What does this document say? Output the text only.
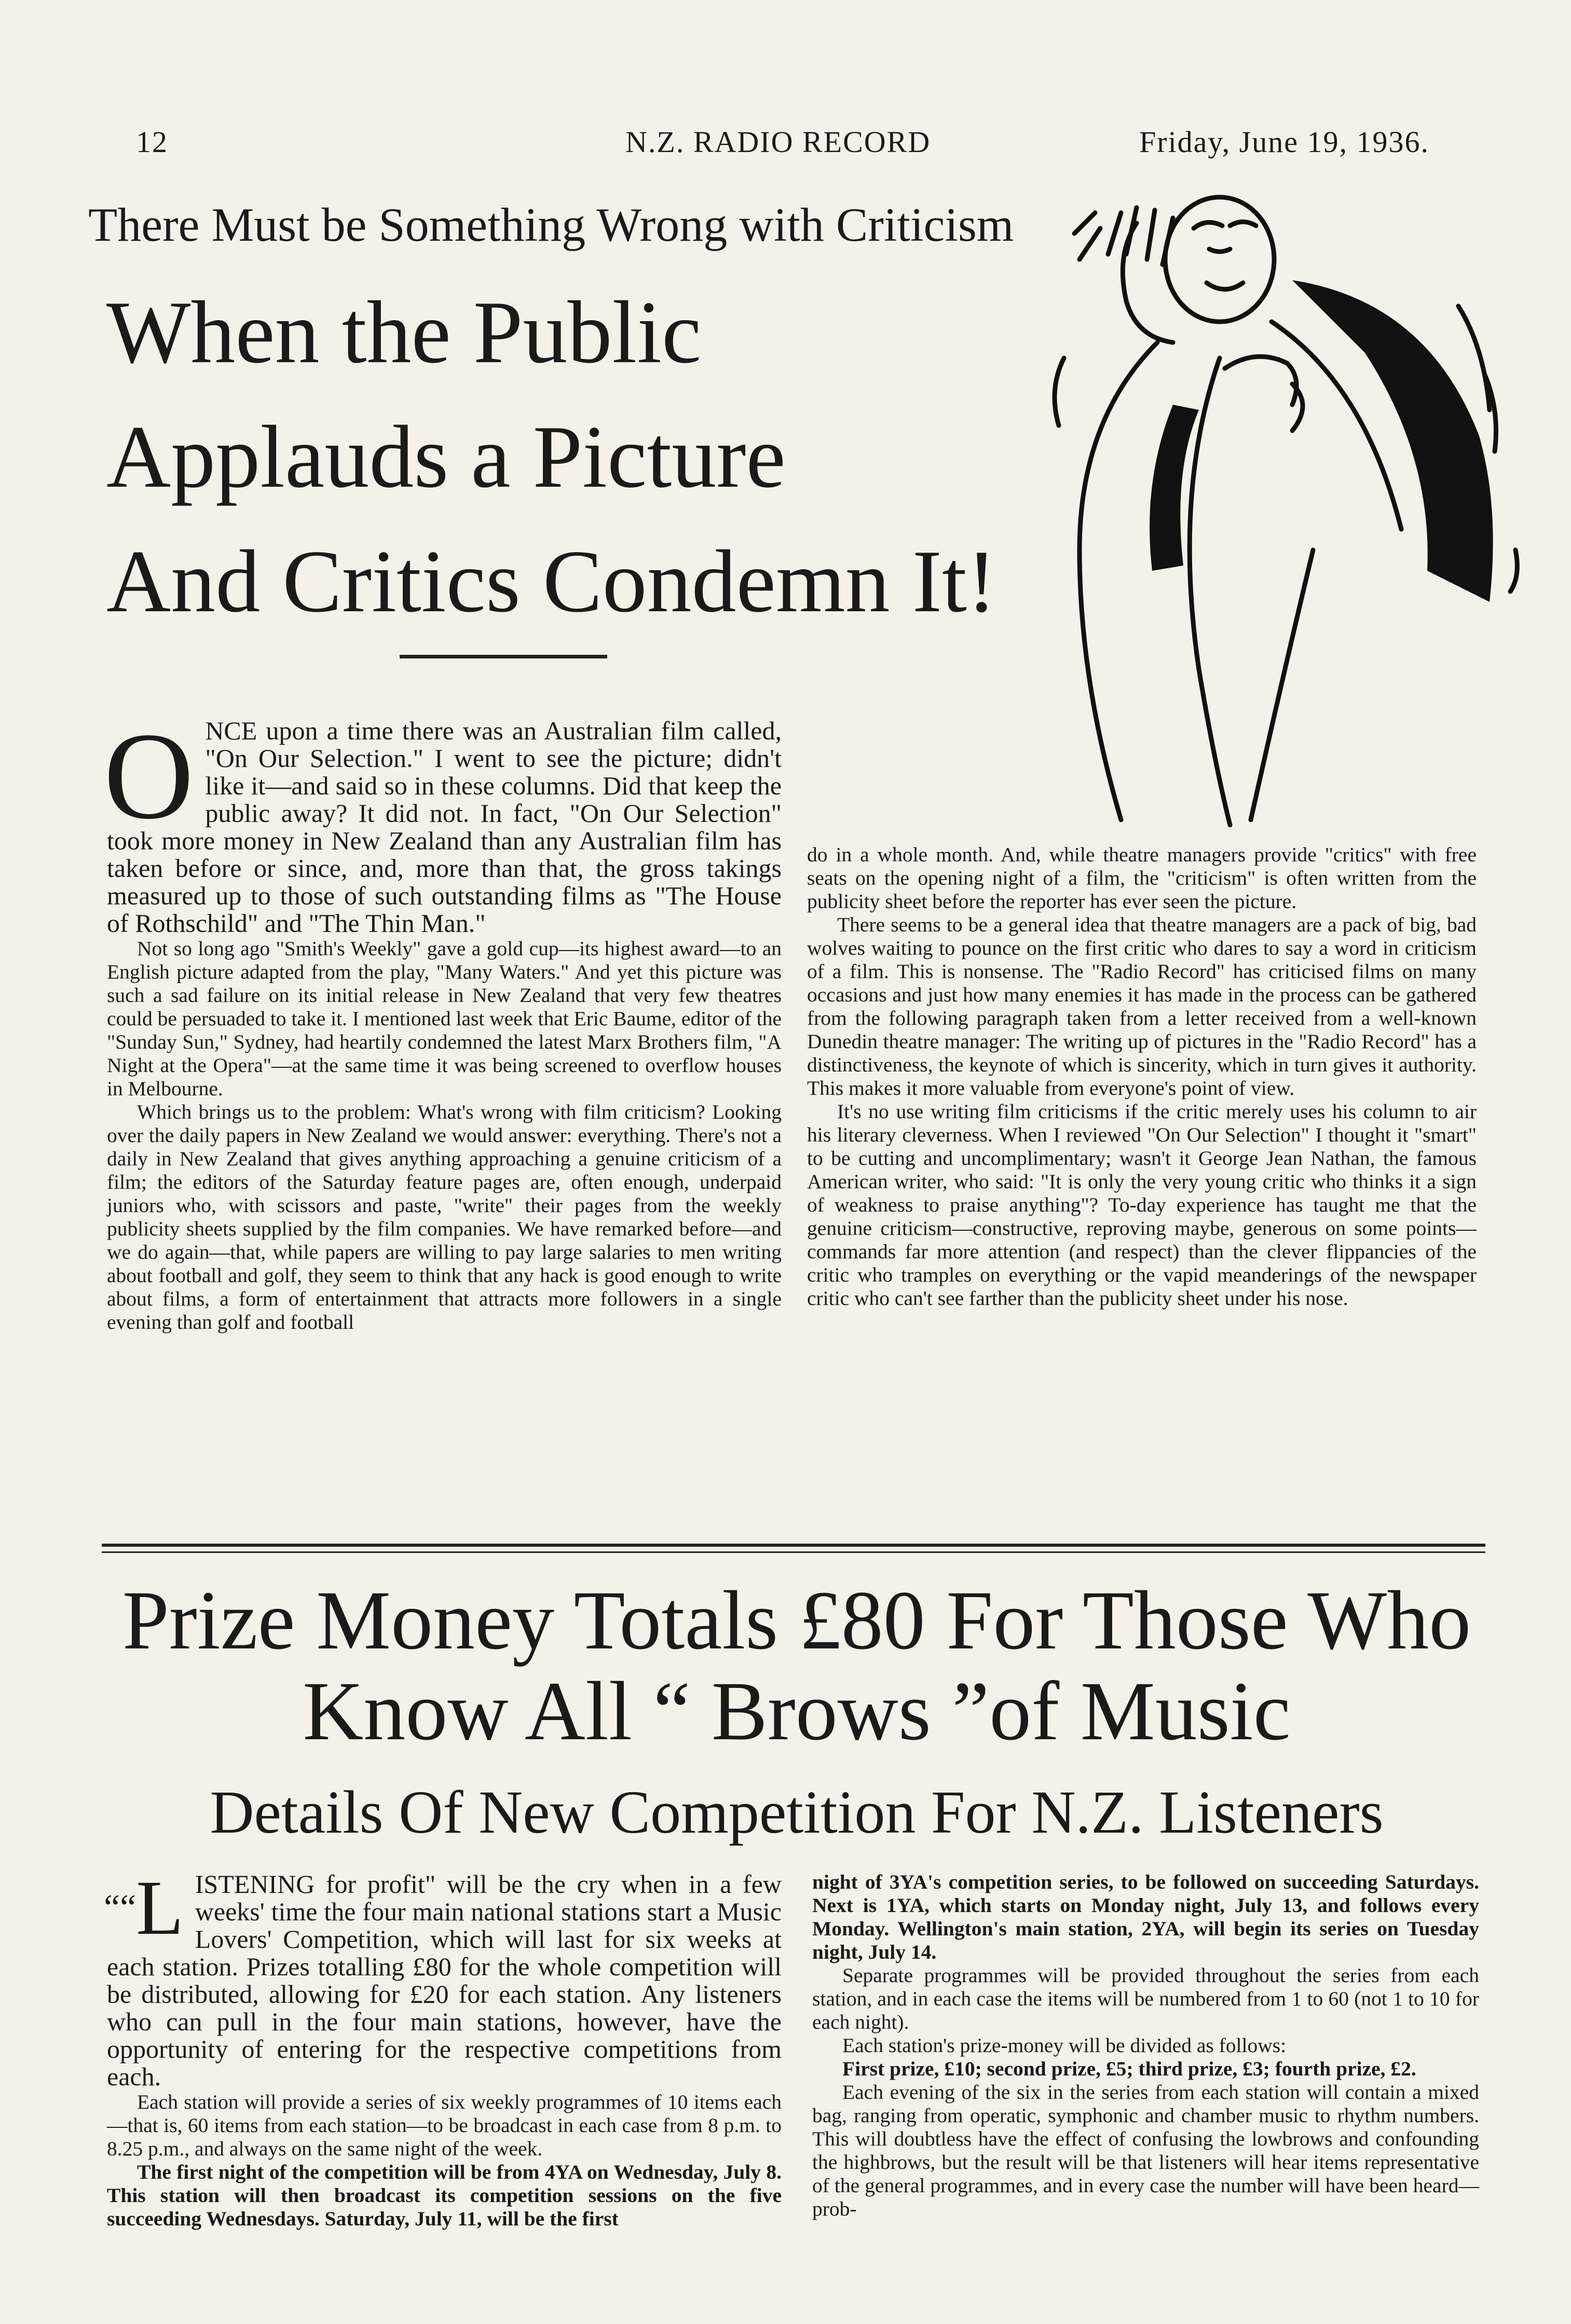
12	N.Z. RADIO RECORD	Friday, June 19, 1936.
There Must be Something Wrong with Criticism
When the Public
Applauds a Picture
And Critics Condemn It!
O NCE upon a time there was an Australian film called, "On Our Selection." I went to see the picture; didn't like it—and said so in these columns. Did that keep the public away? It did not. In fact, "On Our Selection" took more money in New Zealand than any Australian film has taken before or since, and, more than that, the gross takings measured up to those of such outstanding films as "The House of Rothschild" and "The Thin Man."

Not so long ago "Smith's Weekly" gave a gold cup—its highest award—to an English picture adapted from the play, "Many Waters." And yet this picture was such a sad failure on its initial release in New Zealand that very few theatres could be persuaded to take it. I mentioned last week that Eric Baume, editor of the "Sunday Sun," Sydney, had heartily condemned the latest Marx Brothers film, "A Night at the Opera"—at the same time it was being screened to overflow houses in Melbourne.

Which brings us to the problem: What's wrong with film criticism? Looking over the daily papers in New Zealand we would answer: everything. There's not a daily in New Zealand that gives anything approaching a genuine criticism of a film; the editors of the Saturday feature pages are, often enough, underpaid juniors who, with scissors and paste, "write" their pages from the weekly publicity sheets supplied by the film companies. We have remarked before—and we do again—that, while papers are willing to pay large salaries to men writing about football and golf, they seem to think that any hack is good enough to write about films, a form of entertainment that attracts more followers in a single evening than golf and football

do in a whole month. And, while theatre managers provide "critics" with free seats on the opening night of a film, the "criticism" is often written from the publicity sheet before the reporter has ever seen the picture.

There seems to be a general idea that theatre managers are a pack of big, bad wolves waiting to pounce on the first critic who dares to say a word in criticism of a film. This is nonsense. The "Radio Record" has criticised films on many occasions and just how many enemies it has made in the process can be gathered from the following paragraph taken from a letter received from a well-known Dunedin theatre manager: The writing up of pictures in the "Radio Record" has a distinctiveness, the keynote of which is sincerity, which in turn gives it authority. This makes it more valuable from everyone's point of view.

It's no use writing film criticisms if the critic merely uses his column to air his literary cleverness. When I reviewed "On Our Selection" I thought it "smart" to be cutting and uncomplimentary; wasn't it George Jean Nathan, the famous American writer, who said: "It is only the very young critic who thinks it a sign of weakness to praise anything"? To-day experience has taught me that the genuine criticism—constructive, reproving maybe, generous on some points—commands far more attention (and respect) than the clever flippancies of the critic who tramples on everything or the vapid meanderings of the newspaper critic who can't see farther than the publicity sheet under his nose.

Prize Money Totals £80 For Those Who
Know All “ Brows ”of Music
Details Of New Competition For N.Z. Listeners
““L ISTENING for profit" will be the cry when in a few weeks' time the four main national stations start a Music Lovers' Competition, which will last for six weeks at each station. Prizes totalling £80 for the whole competition will be distributed, allowing for £20 for each station. Any listeners who can pull in the four main stations, however, have the opportunity of entering for the respective competitions from each.

Each station will provide a series of six weekly programmes of 10 items each—that is, 60 items from each station—to be broadcast in each case from 8 p.m. to 8.25 p.m., and always on the same night of the week.

The first night of the competition will be from 4YA on Wednesday, July 8. This station will then broadcast its competition sessions on the five succeeding Wednesdays. Saturday, July 11, will be the first

night of 3YA's competition series, to be followed on succeeding Saturdays. Next is 1YA, which starts on Monday night, July 13, and follows every Monday. Wellington's main station, 2YA, will begin its series on Tuesday night, July 14.

Separate programmes will be provided throughout the series from each station, and in each case the items will be numbered from 1 to 60 (not 1 to 10 for each night).

Each station's prize-money will be divided as follows:

First prize, £10; second prize, £5; third prize, £3; fourth prize, £2.

Each evening of the six in the series from each station will contain a mixed bag, ranging from operatic, symphonic and chamber music to rhythm numbers. This will doubtless have the effect of confusing the lowbrows and confounding the highbrows, but the result will be that listeners will hear items representative of the general programmes, and in every case the number will have been heard—prob-
